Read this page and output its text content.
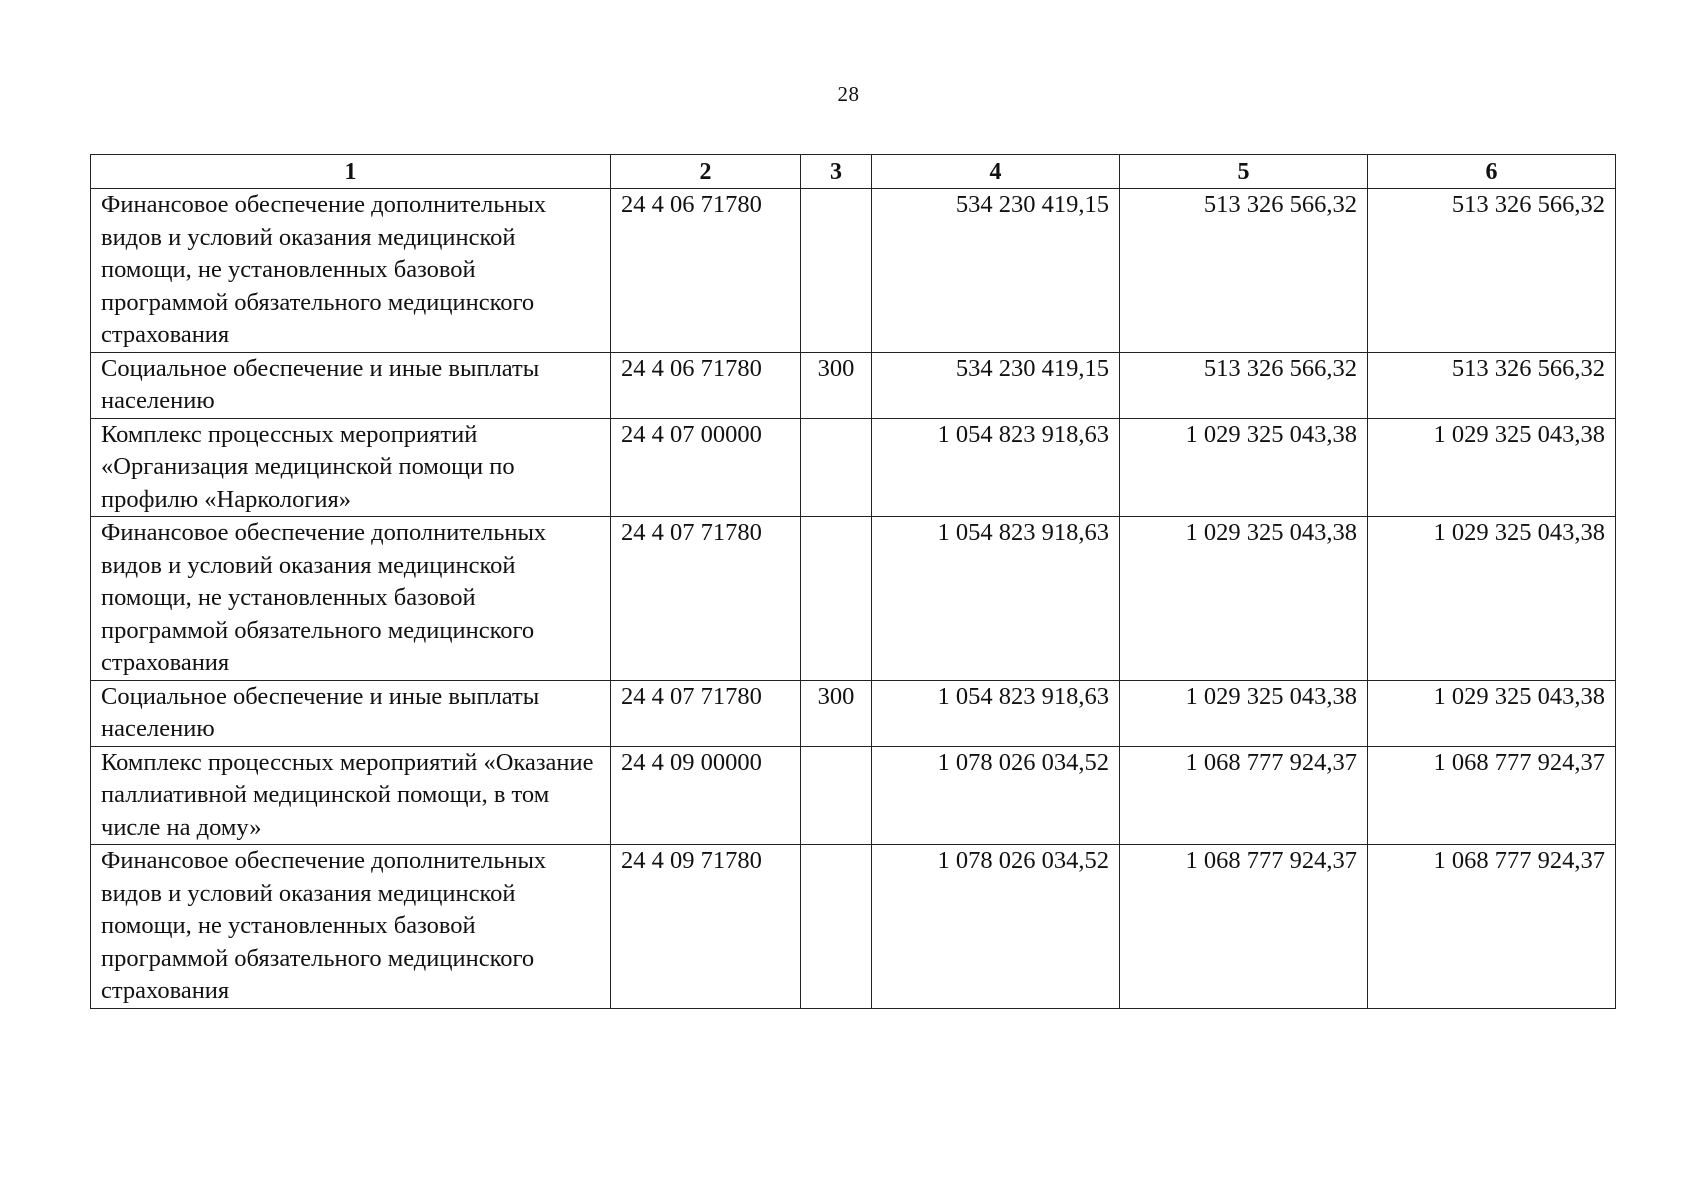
28
1	2	3	4	5	6
Финансовое обеспечение дополнительных видов и условий оказания медицинской помощи, не установленных базовой программой обязательного медицинского страхования	24 4 06 71780		534 230 419,15	513 326 566,32	513 326 566,32
Социальное обеспечение и иные выплаты населению	24 4 06 71780	300	534 230 419,15	513 326 566,32	513 326 566,32
Комплекс процессных мероприятий «Организация медицинской помощи по профилю «Наркология»	24 4 07 00000		1 054 823 918,63	1 029 325 043,38	1 029 325 043,38
Финансовое обеспечение дополнительных видов и условий оказания медицинской помощи, не установленных базовой программой обязательного медицинского страхования	24 4 07 71780		1 054 823 918,63	1 029 325 043,38	1 029 325 043,38
Социальное обеспечение и иные выплаты населению	24 4 07 71780	300	1 054 823 918,63	1 029 325 043,38	1 029 325 043,38
Комплекс процессных мероприятий «Оказание паллиативной медицинской помощи, в том числе на дому»	24 4 09 00000		1 078 026 034,52	1 068 777 924,37	1 068 777 924,37
Финансовое обеспечение дополнительных видов и условий оказания медицинской помощи, не установленных базовой программой обязательного медицинского страхования	24 4 09 71780		1 078 026 034,52	1 068 777 924,37	1 068 777 924,37
